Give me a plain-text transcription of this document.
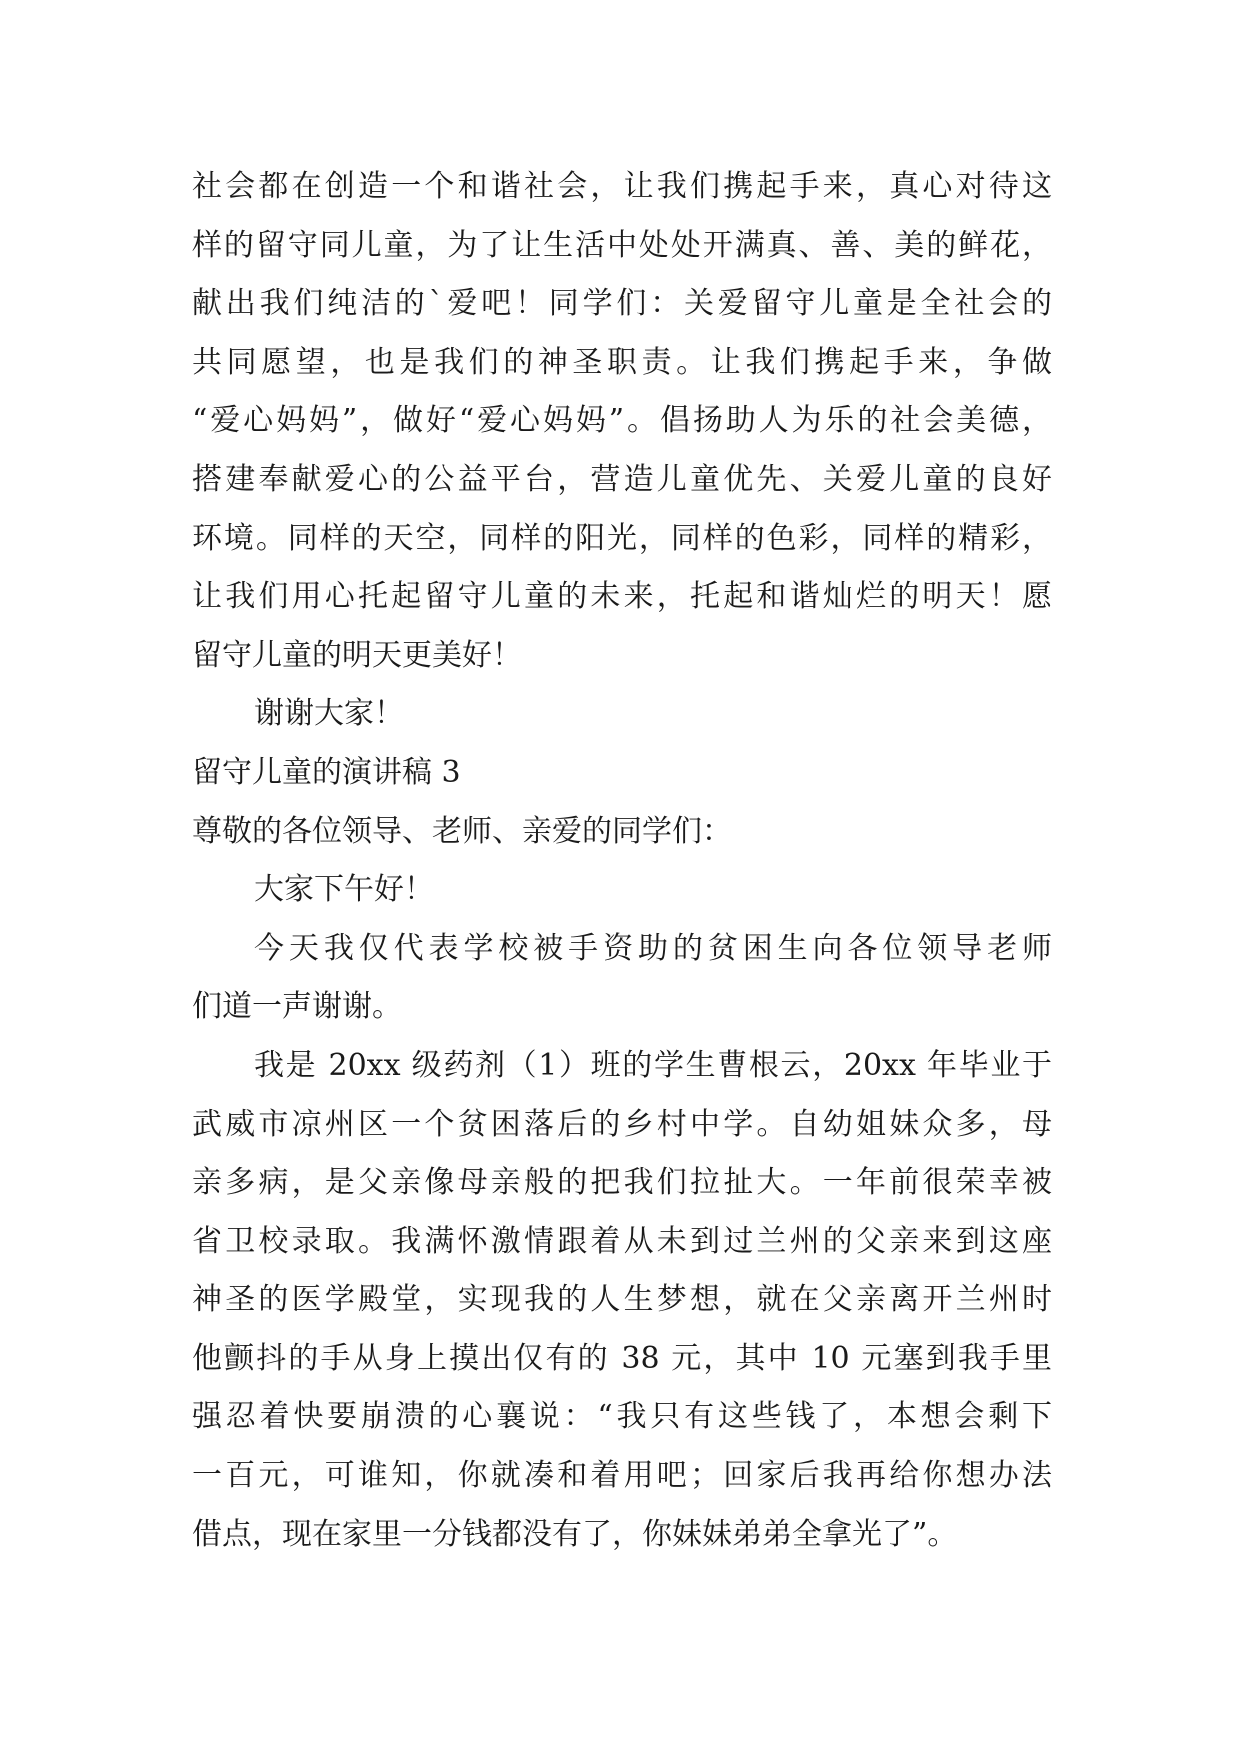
社会都在创造一个和谐社会，让我们携起手来，真心对待这
样的留守同儿童，为了让生活中处处开满真、善、美的鲜花，
献出我们纯洁的`爱吧！同学们：关爱留守儿童是全社会的
共同愿望，也是我们的神圣职责。让我们携起手来，争做
“爱心妈妈”，做好“爱心妈妈”。倡扬助人为乐的社会美德，
搭建奉献爱心的公益平台，营造儿童优先、关爱儿童的良好
环境。同样的天空，同样的阳光，同样的色彩，同样的精彩，
让我们用心托起留守儿童的未来，托起和谐灿烂的明天！愿
留守儿童的明天更美好！
谢谢大家！
留守儿童的演讲稿 3
尊敬的各位领导、老师、亲爱的同学们：
大家下午好！
今天我仅代表学校被手资助的贫困生向各位领导老师
们道一声谢谢。
我是 20xx 级药剂（1）班的学生曹根云，20xx 年毕业于
武威市凉州区一个贫困落后的乡村中学。自幼姐妹众多，母
亲多病，是父亲像母亲般的把我们拉扯大。一年前很荣幸被
省卫校录取。我满怀激情跟着从未到过兰州的父亲来到这座
神圣的医学殿堂，实现我的人生梦想，就在父亲离开兰州时
他颤抖的手从身上摸出仅有的 38 元，其中 10 元塞到我手里
强忍着快要崩溃的心襄说：“我只有这些钱了，本想会剩下
一百元，可谁知，你就凑和着用吧；回家后我再给你想办法
借点，现在家里一分钱都没有了，你妹妹弟弟全拿光了”。
